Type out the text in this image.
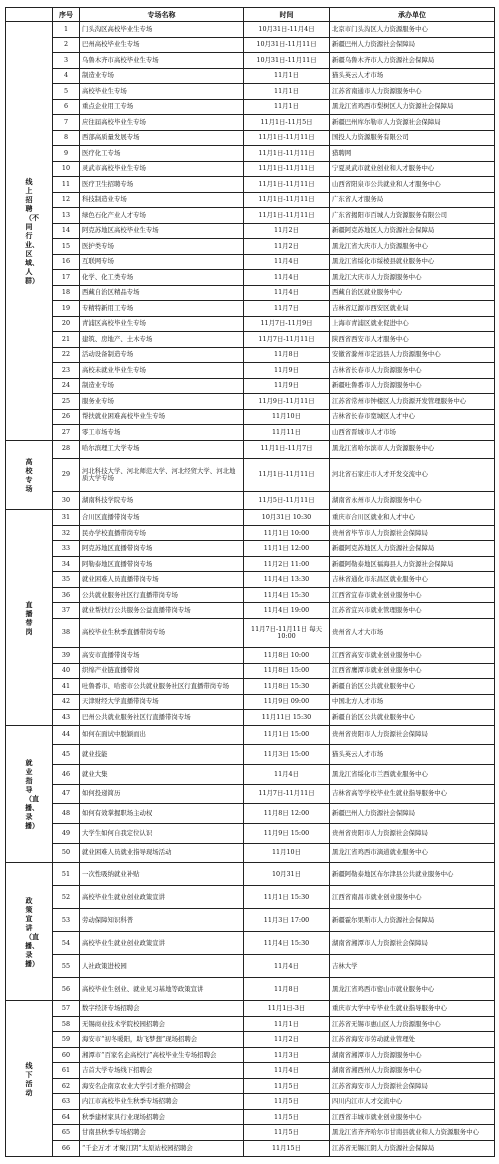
	序号	专场名称	时间	承办单位
线上招聘（不同行业、区域、人群）	1	门头沟区高校毕业生专场	10月31日-11月4日	北京市门头沟区人力资源服务中心
	2	巴州高校毕业生专场	10月31日-11月11日	新疆巴州人力资源社会保障局
	3	乌鲁木齐市高校毕业生专场	10月31日-11月11日	新疆乌鲁木齐市人力资源社会保障局
	4	制造业专场	11月1日	猫头英云人才市场
	5	高校毕业生专场	11月1日	江苏省南通市人力资源服务中心
	6	重点企业用工专场	11月1日	黑龙江省鸡西市梨树区人力资源社会保障局
	7	应往届高校毕业生专场	11月1日-11月5日	新疆巴州库尔勒市人力资源社会保障局
	8	西部高质量发展专场	11月1日-11月11日	国投人力资源服务有限公司
	9	医疗化工专场	11月1日-11月11日	猎聘网
	10	灵武市高校毕业生专场	11月1日-11月11日	宁夏灵武市就业创业和人才服务中心
	11	医疗卫生招聘专场	11月1日-11月11日	山西省阳泉市公共就业和人才服务中心
	12	科技制造业专场	11月1日-11月11日	广东省人才服务局
	13	绿色石化产业人才专场	11月1日-11月11日	广东省揭阳市百城人力资源服务有限公司
	14	阿克苏地区高校毕业生专场	11月2日	新疆阿克苏地区人力资源社会保障局
	15	医护类专场	11月2日	黑龙江省大庆市人力资源服务中心
	16	互联网专场	11月4日	黑龙江省绥化市绥棱县就业服务中心
	17	化学、化工类专场	11月4日	黑龙江大庆市人力资源服务中心
	18	西藏自治区精品专场	11月4日	西藏自治区就业服务中心
	19	专精特新用工专场	11月7日	吉林省辽源市西安区就业局
	20	青浦区高校毕业生专场	11月7日-11月9日	上海市青浦区就业促进中心
	21	建筑、房地产、土木专场	11月7日-11月11日	陕西省西安市人才服务中心
	22	活动设备制造专场	11月8日	安徽省滁州市定远县人力资源服务中心
	23	高校未就业毕业生专场	11月9日	吉林省长春市人力资源服务中心
	24	制造业专场	11月9日	新疆吐鲁番市人力资源服务中心
	25	服务业专场	11月9日-11月11日	江苏省常州市钟楼区人力资源开发管理服务中心
	26	帮扶就业困难高校毕业生专场	11月10日	吉林省长春市宽城区人才中心
	27	零工市场专场	11月11日	山西省晋城市人才市场
高校专场	28	哈尔滨理工大学专场	11月1日-11月7日	黑龙江省哈尔滨市人力资源服务中心
	29	河北科技大学、河北师范大学、河北经贸大学、河北地质大学专场	11月1日-11月11日	河北省石家庄市人才开发交流中心
	30	湖南科技学院专场	11月5日-11月11日	湖南省永州市人力资源服务中心
直播带岗	31	合川区直播带岗专场	10月31日 10:30	重庆市合川区就业和人才中心
	32	民办学校直播带岗专场	11月1日 10:00	贵州省毕节市人力资源社会保障局
	33	阿克苏地区直播带岗专场	11月1日 12:00	新疆阿克苏地区人力资源社会保障局
	34	阿勒泰地区直播带岗专场	11月2日 11:00	新疆阿勒泰地区福海县人力资源社会保障局
	35	就业困难人员直播带岗专场	11月4日 13:30	吉林省通化市东昌区就业服务中心
	36	公共就业服务社区行直播带岗专场	11月4日 15:30	江西省宜春市就业创业服务中心
	37	就业帮扶行公共服务公益直播带岗专场	11月4日 19:00	江苏省宜兴市就业管理服务中心
	38	高校毕业生秋季直播带岗专场	11月7日-11月11日 每天10:00	贵州省人才大市场
	39	高安市直播带岗专场	11月8日 10:00	江西省高安市就业创业服务中心
	40	织绵产业链直播带岗	11月8日 15:00	江西省鹰潭市就业创业服务中心
	41	吐鲁番市、哈密市公共就业服务社区行直播带岗专场	11月8日 15:30	新疆自治区公共就业服务中心
	42	天津财经大学直播带岗专场	11月9日 09:00	中国北方人才市场
	43	巴州公共就业服务社区行直播带岗专场	11月11日 15:30	新疆自治区公共就业服务中心
就业指导（直播、录播）	44	如何在面试中脱颖而出	11月1日 15:00	贵州省贵阳市人力资源社会保障局
	45	就业技能	11月3日 15:00	猫头英云人才市场
	46	就业大集	11月4日	黑龙江省绥化市兰西就业服务中心
	47	如何投递简历	11月7日-11月11日	吉林省高等学校毕业生就业指导服务中心
	48	如何有效掌握职场主动权	11月8日 12:00	新疆巴州人力资源社会保障局
	49	大学生如何自我定位认识	11月9日 15:00	贵州省贵阳市人力资源社会保障局
	50	就业困难人员就业指导现场活动	11月10日	黑龙江省鸡西市滴道就业服务中心
政策宣讲（直播、录播）	51	一次性吸纳就业补贴	10月31日	新疆阿勒泰地区布尔津县公共就业服务中心
	52	高校毕业生就业创业政策宣讲	11月1日 15:30	江西省南昌市就业创业服务中心
	53	劳动保障知识科普	11月3日 17:00	新疆霍尔果斯市人力资源社会保障局
	54	高校毕业生就业创业政策宣讲	11月4日 15:30	湖南省湘潭市人力资源社会保障局
	55	人社政策进校园	11月4日	吉林大学
	56	高校毕业生创业、就业见习基地等政策宣讲	11月8日	黑龙江省鸡西市密山市就业服务中心
线下活动	57	数字经济专场招聘会	11月1日-3日	重庆市大学中专毕业生就业指导服务中心
	58	无锡商业技术学院校园招聘会	11月1日	江苏省无锡市惠山区人力资源服务中心
	59	海安市“初冬暖阳，助飞梦想”现场招聘会	11月2日	江苏省海安市劳动就业管理处
	60	湘潭市“百家名企高校行”高校毕业生专场招聘会	11月3日	湖南省湘潭市人力资源服务中心
	61	吉首大学专场线下招聘会	11月4日	湖南省湘西州人力资源服务中心
	62	海安名企南京农业大学引才推介招聘会	11月5日	江苏省海安市人力资源社会保障局
	63	内江市高校毕业生秋季专场招聘会	11月5日	四川内江市人才交流中心
	64	秋季建材家具行业现场招聘会	11月5日	江西省丰城市就业创业服务中心
	65	甘南县秋季专场招聘会	11月5日	黑龙江省齐齐哈尔市甘南县就业和人力资源服务中心
	66	“千企万才 才聚江阴”太原站校园招聘会	11月15日	江苏省无锡江阴人力资源社会保障局
